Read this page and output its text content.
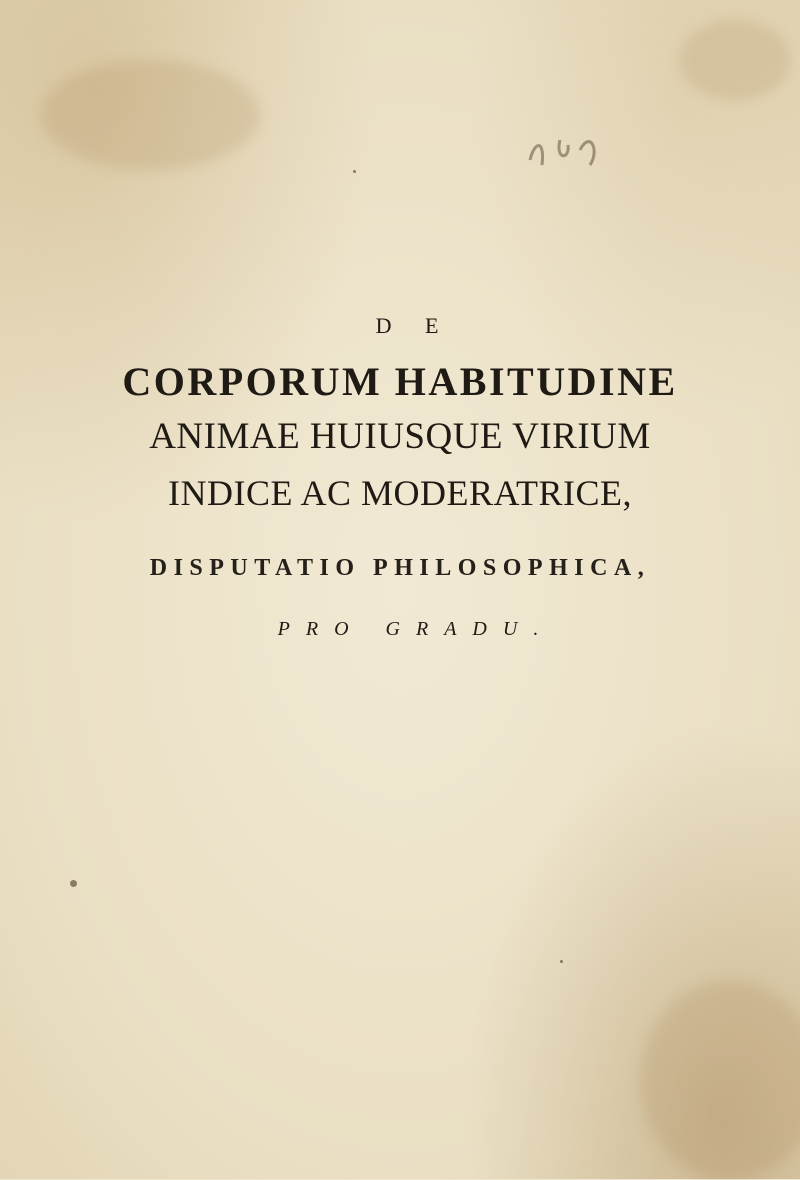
D E
CORPORUM HABITUDINE
ANIMAE HUIUSQUE VIRIUM
INDICE AC MODERATRICE,
DISPUTATIO PHILOSOPHICA,
PRO GRADU.
